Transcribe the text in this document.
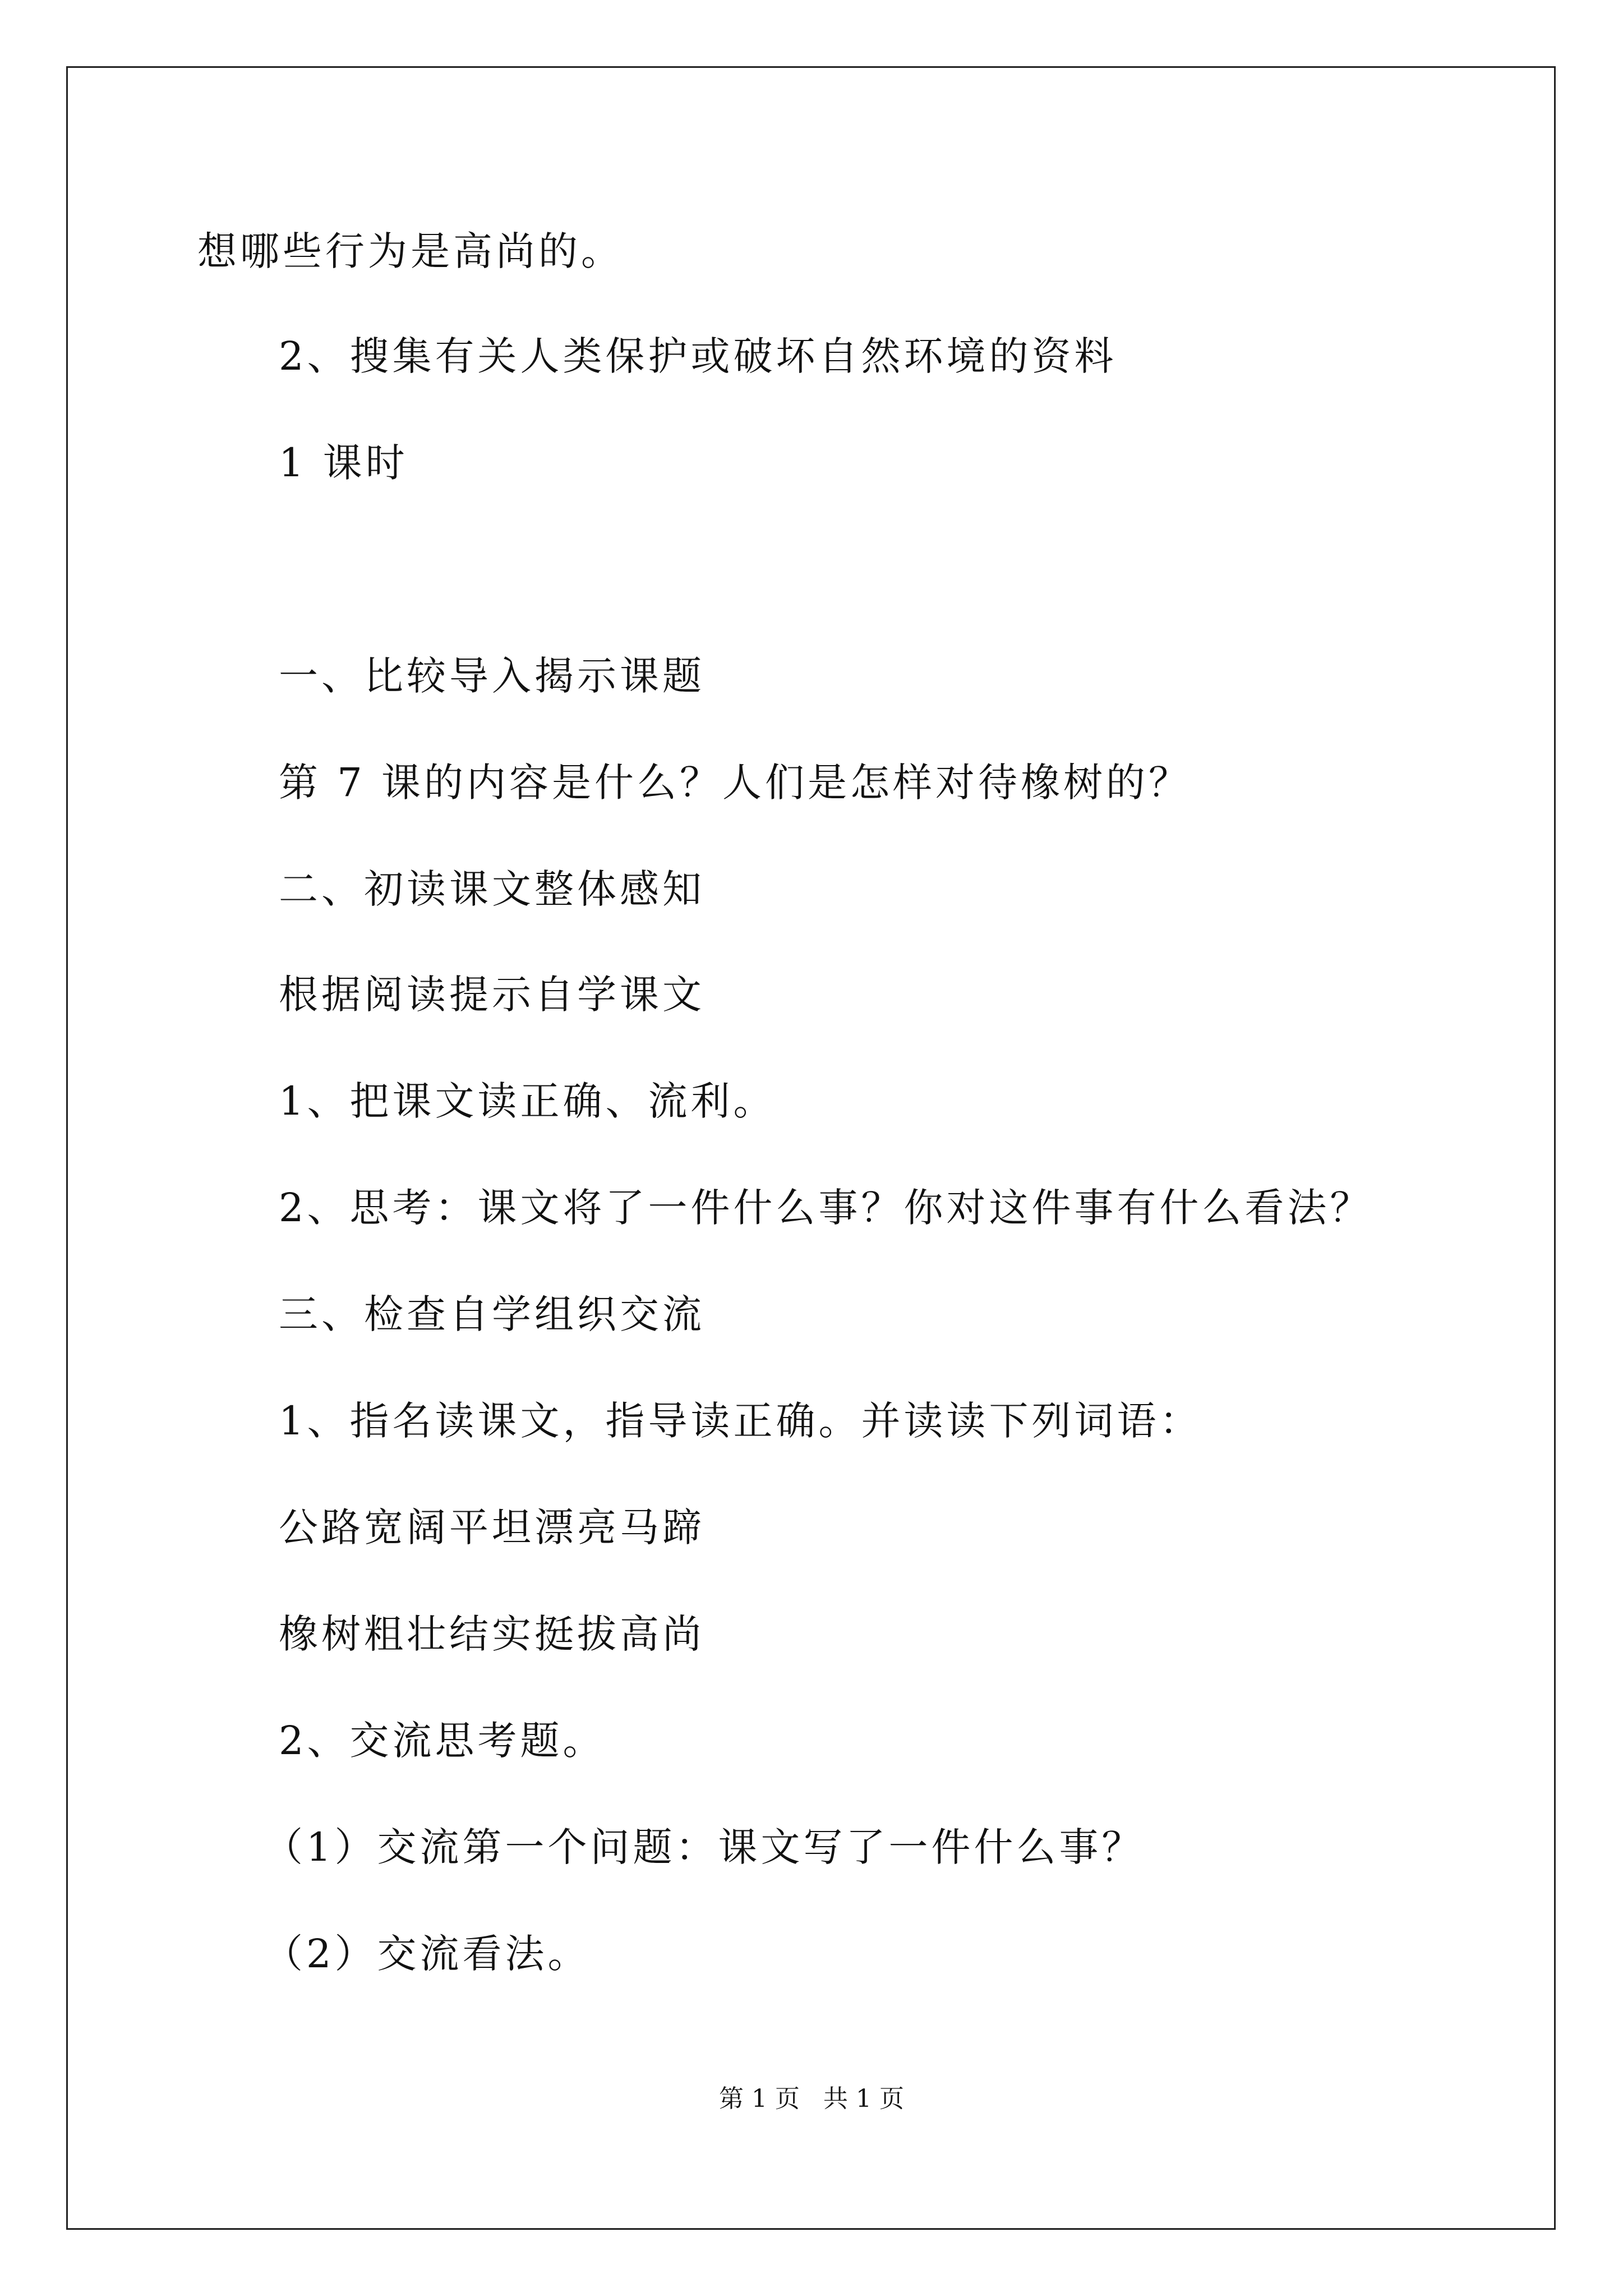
想哪些行为是高尚的。
2、搜集有关人类保护或破坏自然环境的资料
1 课时
一、比较导入揭示课题
第 7 课的内容是什么？人们是怎样对待橡树的？
二、初读课文整体感知
根据阅读提示自学课文
1、把课文读正确、流利。
2、思考：课文将了一件什么事？你对这件事有什么看法？
三、检查自学组织交流
1、指名读课文，指导读正确。并读读下列词语：
公路宽阔平坦漂亮马蹄
橡树粗壮结实挺拔高尚
2、交流思考题。
（1）交流第一个问题：课文写了一件什么事？
（2）交流看法。
第 1 页   共 1 页
